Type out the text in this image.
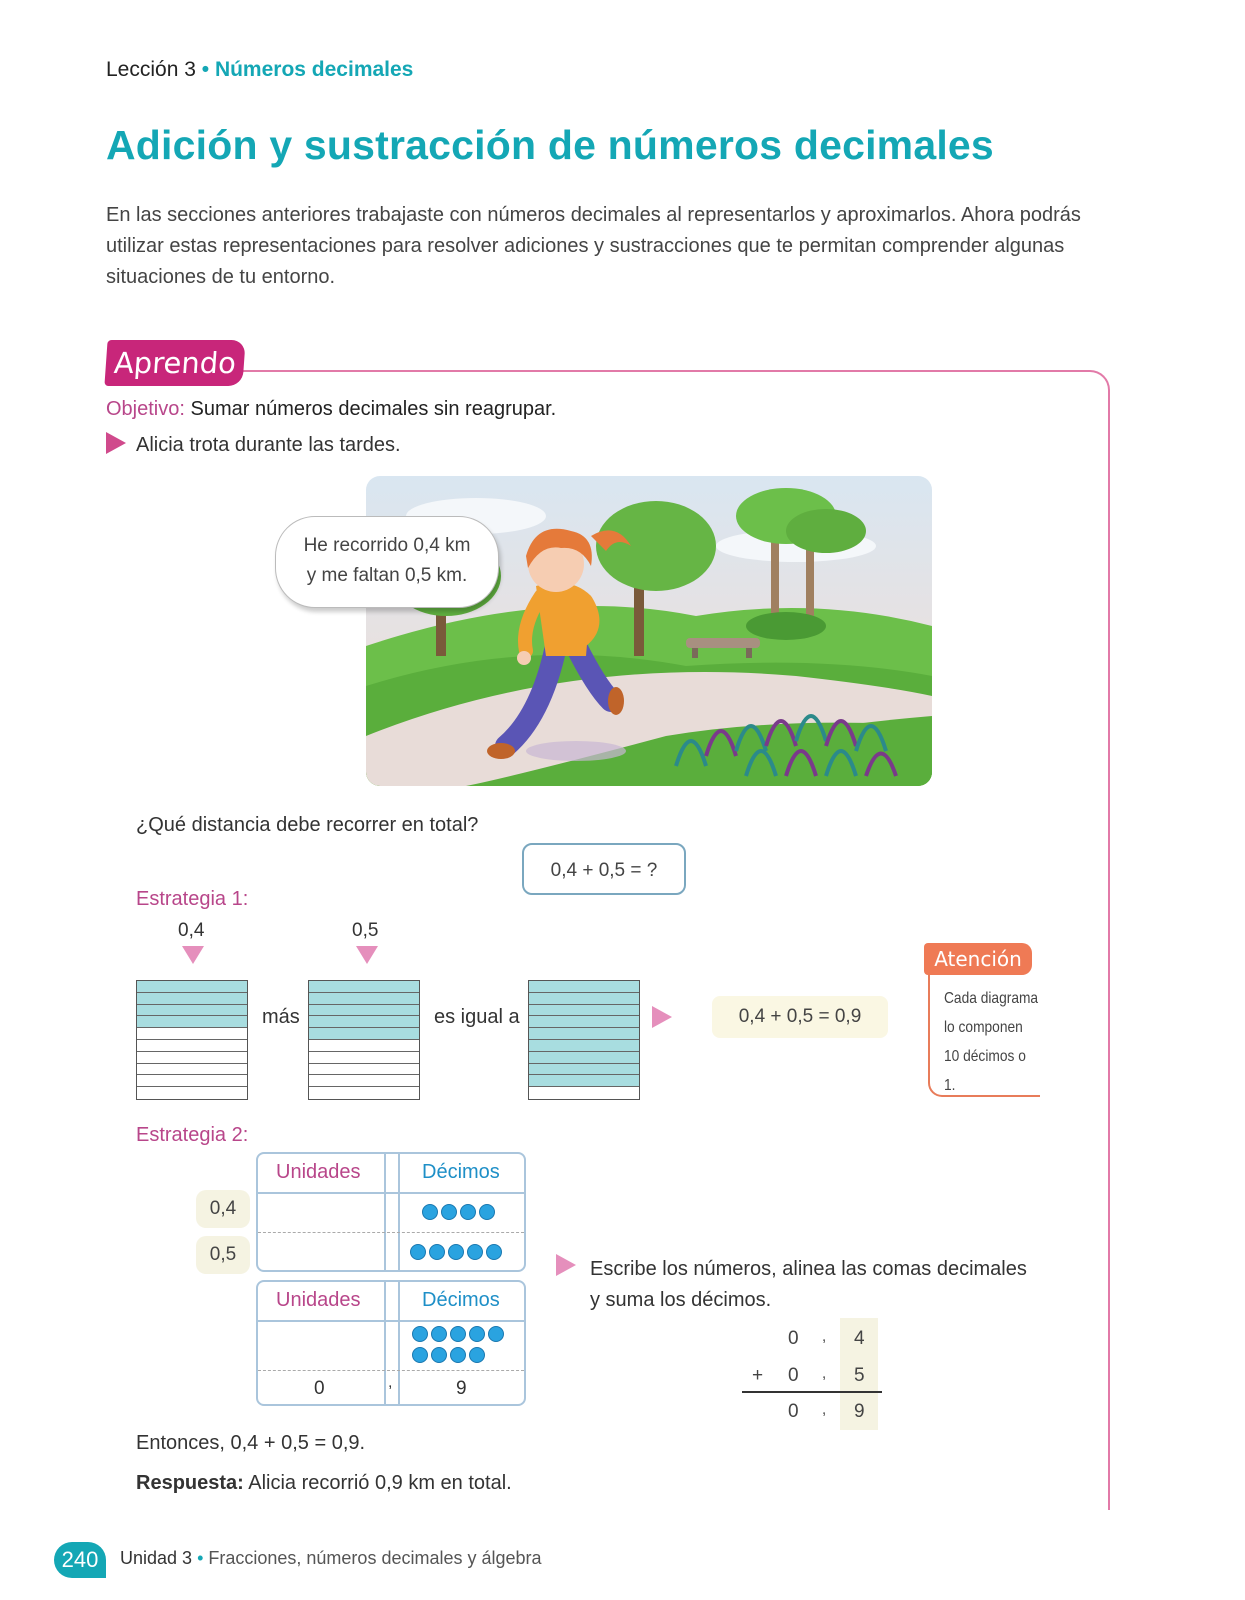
Lección 3 • Números decimales
Adición y sustracción de números decimales
En las secciones anteriores trabajaste con números decimales al representarlos y aproximarlos. Ahora podrás utilizar estas representaciones para resolver adiciones y sustracciones que te permitan comprender algunas situaciones de tu entorno.
Aprendo
Objetivo: Sumar números decimales sin reagrupar.
Alicia trota durante las tardes.
He recorrido 0,4 km
y me faltan 0,5 km.
¿Qué distancia debe recorrer en total?
0,4 + 0,5 = ?
Estrategia 1:
0,4	0,5
más	es igual a	0,4 + 0,5 = 0,9
Atención
Cada diagrama
lo componen
10 décimos o 1.
Estrategia 2:
Unidades	Décimos
0,4
0,5
Unidades	Décimos

0	,	9
Escribe los números, alinea las comas decimales
y suma los décimos.
0 , 4
+ 0 , 5
0 , 9
Entonces, 0,4 + 0,5 = 0,9.
Respuesta: Alicia recorrió 0,9 km en total.
240	Unidad 3 • Fracciones, números decimales y álgebra
